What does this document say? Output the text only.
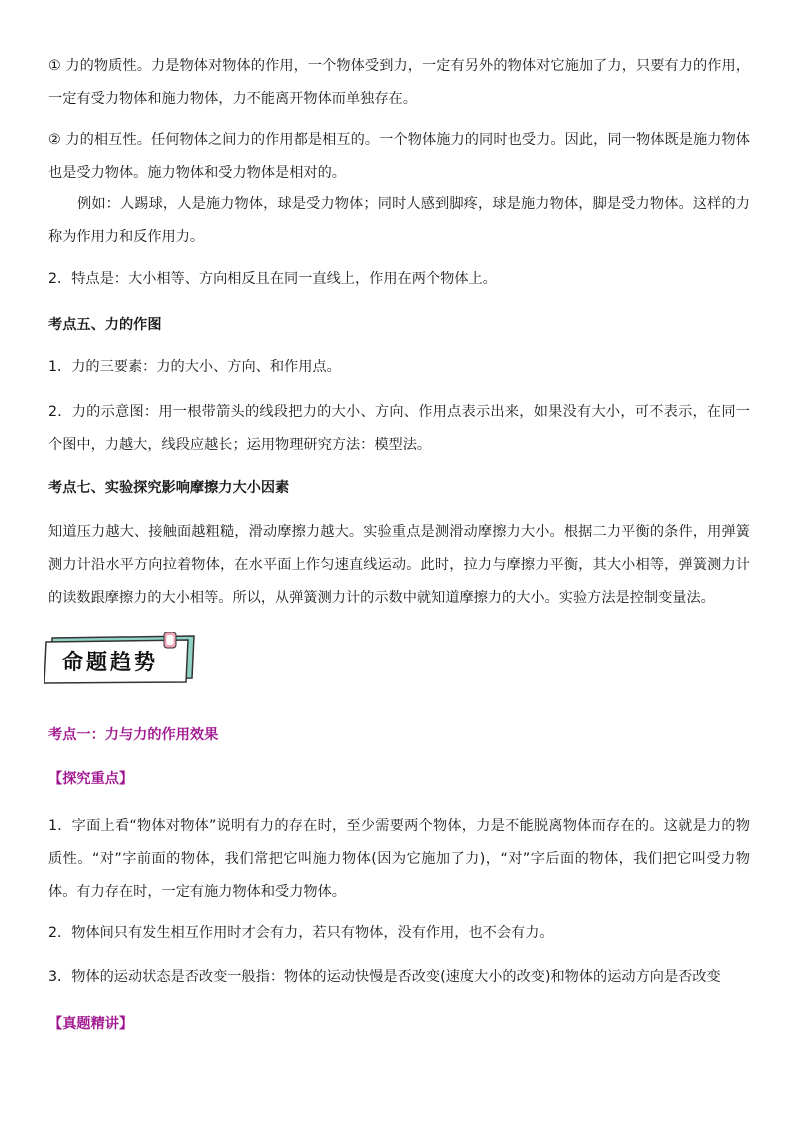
① 力的物质性。力是物体对物体的作用，一个物体受到力，一定有另外的物体对它施加了力，只要有力的作用，一定有受力物体和施力物体，力不能离开物体而单独存在。

② 力的相互性。任何物体之间力的作用都是相互的。一个物体施力的同时也受力。因此，同一物体既是施力物体也是受力物体。施力物体和受力物体是相对的。

例如：人踢球，人是施力物体，球是受力物体；同时人感到脚疼，球是施力物体，脚是受力物体。这样的力称为作用力和反作用力。

2．特点是：大小相等、方向相反且在同一直线上，作用在两个物体上。

考点五、力的作图

1．力的三要素：力的大小、方向、和作用点。

2．力的示意图：用一根带箭头的线段把力的大小、方向、作用点表示出来，如果没有大小，可不表示，在同一个图中，力越大，线段应越长；运用物理研究方法：模型法。

考点七、实验探究影响摩擦力大小因素

知道压力越大、接触面越粗糙，滑动摩擦力越大。实验重点是测滑动摩擦力大小。根据二力平衡的条件，用弹簧测力计沿水平方向拉着物体，在水平面上作匀速直线运动。此时，拉力与摩擦力平衡，其大小相等，弹簧测力计的读数跟摩擦力的大小相等。所以，从弹簧测力计的示数中就知道摩擦力的大小。实验方法是控制变量法。

命题趋势

考点一：力与力的作用效果

【探究重点】

1．字面上看“物体对物体”说明有力的存在时，至少需要两个物体，力是不能脱离物体而存在的。这就是力的物质性。“对”字前面的物体，我们常把它叫施力物体(因为它施加了力)，“对”字后面的物体，我们把它叫受力物体。有力存在时，一定有施力物体和受力物体。

2．物体间只有发生相互作用时才会有力，若只有物体，没有作用，也不会有力。

3．物体的运动状态是否改变一般指：物体的运动快慢是否改变(速度大小的改变)和物体的运动方向是否改变

【真题精讲】
